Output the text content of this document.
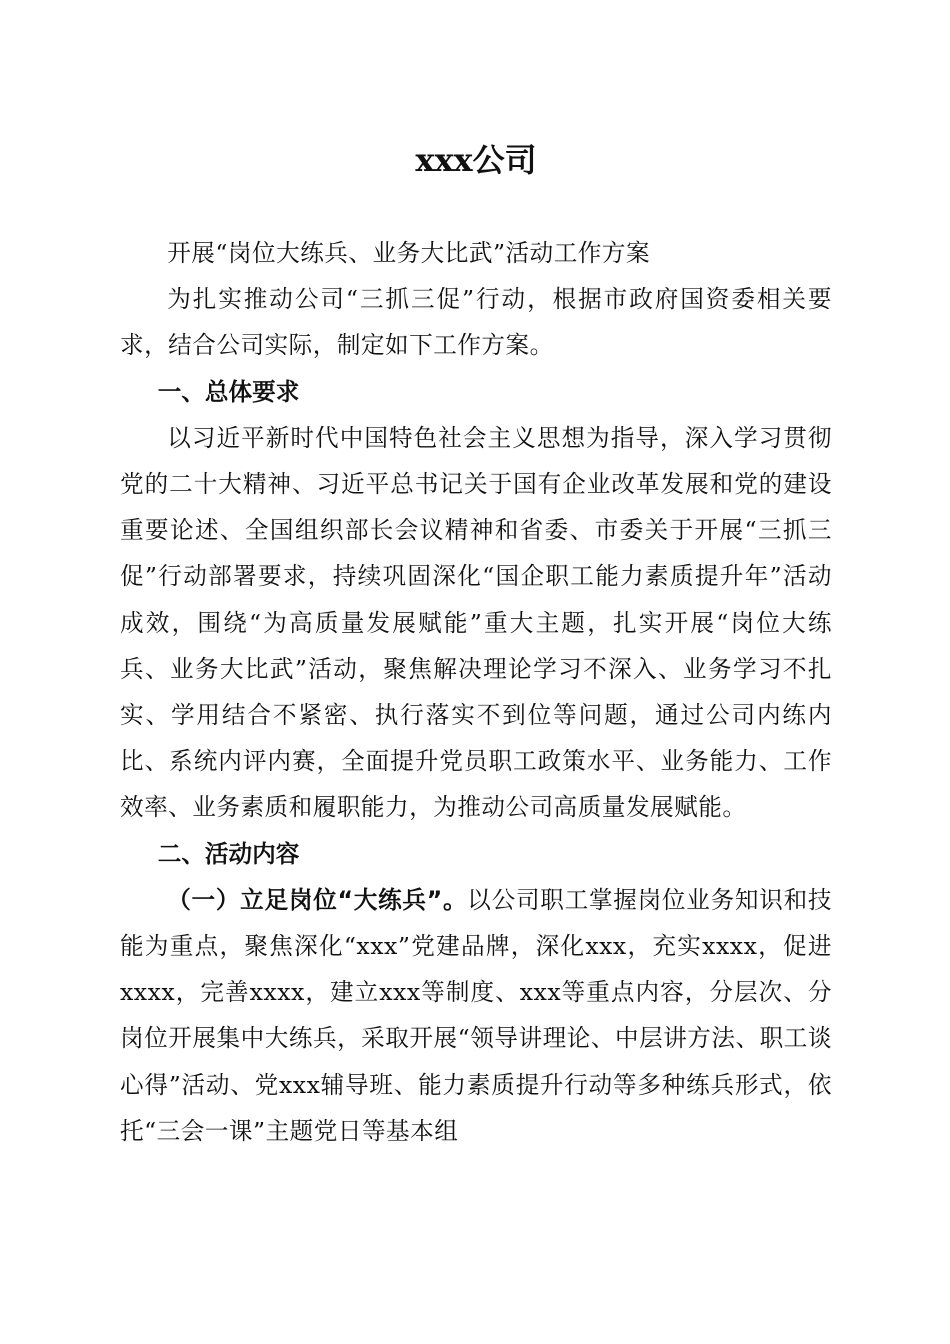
xxx公司

开展“岗位大练兵、业务大比武”活动工作方案

为扎实推动公司“三抓三促”行动，根据市政府国资委相关要求，结合公司实际，制定如下工作方案。

一、总体要求

以习近平新时代中国特色社会主义思想为指导，深入学习贯彻党的二十大精神、习近平总书记关于国有企业改革发展和党的建设重要论述、全国组织部长会议精神和省委、市委关于开展“三抓三促”行动部署要求，持续巩固深化“国企职工能力素质提升年”活动成效，围绕“为高质量发展赋能”重大主题，扎实开展“岗位大练兵、业务大比武”活动，聚焦解决理论学习不深入、业务学习不扎实、学用结合不紧密、执行落实不到位等问题，通过公司内练内比、系统内评内赛，全面提升党员职工政策水平、业务能力、工作效率、业务素质和履职能力，为推动公司高质量发展赋能。

二、活动内容

（一）立足岗位“大练兵”。以公司职工掌握岗位业务知识和技能为重点，聚焦深化“xxx”党建品牌，深化xxx，充实xxxx，促进xxxx，完善xxxx，建立xxx等制度、xxx等重点内容，分层次、分岗位开展集中大练兵，采取开展“领导讲理论、中层讲方法、职工谈心得”活动、党xxx辅导班、能力素质提升行动等多种练兵形式，依托“三会一课”主题党日等基本组
